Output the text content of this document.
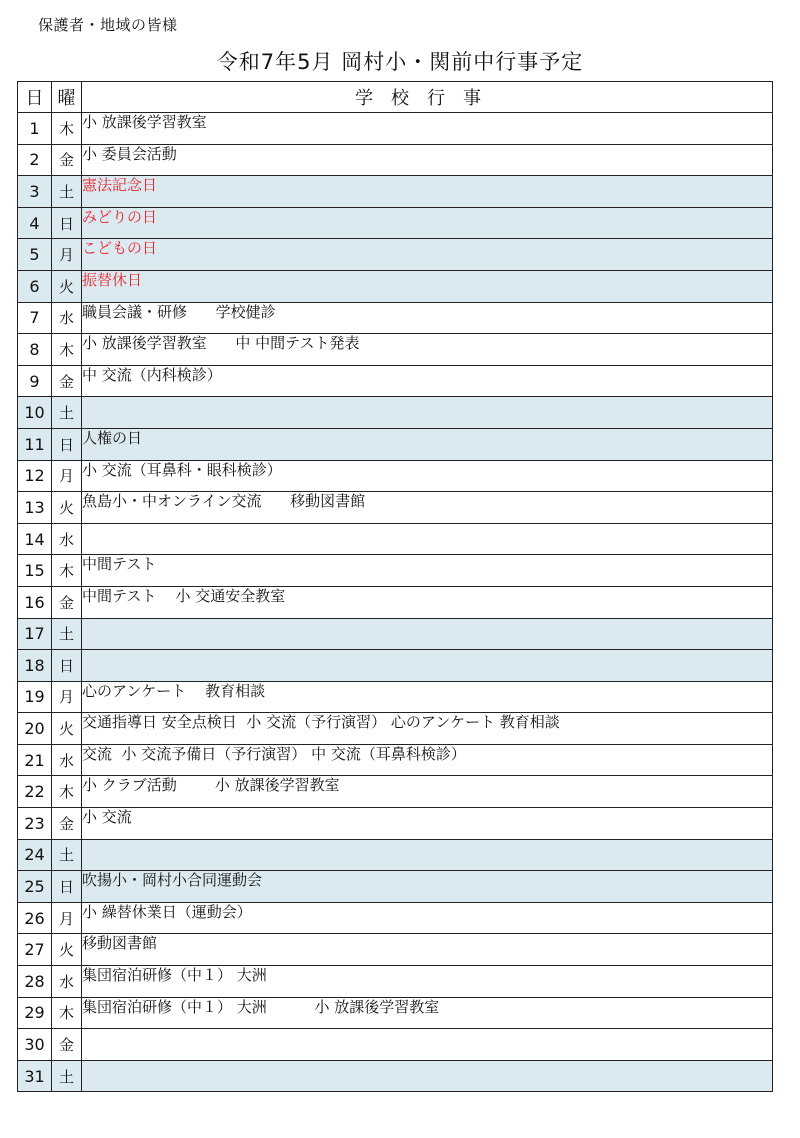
保護者・地域の皆様
令和7年5月 岡村小・関前中行事予定
日	曜	学校行事
1	木	小 放課後学習教室
2	金	小 委員会活動
3	土	憲法記念日
4	日	みどりの日
5	月	こどもの日
6	火	振替休日
7	水	職員会議・研修      学校健診
8	木	小 放課後学習教室      中 中間テスト発表
9	金	中 交流（内科検診）
10	土	
11	日	人権の日
12	月	小 交流（耳鼻科・眼科検診）
13	火	魚島小・中オンライン交流      移動図書館
14	水	
15	木	中間テスト
16	金	中間テスト    小 交通安全教室
17	土	
18	日	
19	月	心のアンケート    教育相談
20	火	交通指導日 安全点検日  小 交流（予行演習） 心のアンケート 教育相談
21	水	交流  小 交流予備日（予行演習） 中 交流（耳鼻科検診）
22	木	小 クラブ活動        小 放課後学習教室
23	金	小 交流
24	土	
25	日	吹揚小・岡村小合同運動会
26	月	小 繰替休業日（運動会）
27	火	移動図書館
28	水	集団宿泊研修（中１） 大洲
29	木	集団宿泊研修（中１） 大洲          小 放課後学習教室
30	金	
31	土	
